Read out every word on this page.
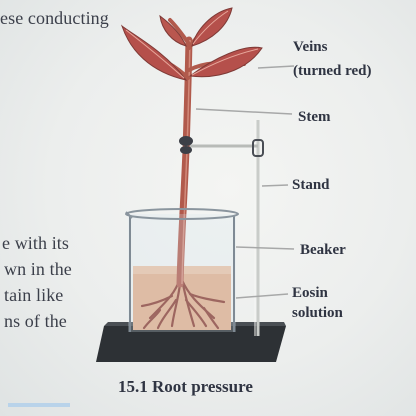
ese conducting
e with its
wn in the
tain like
ns of the
Veins
(turned red)
Stem
Stand
Beaker
Eosin
solution
15.1 Root pressure
